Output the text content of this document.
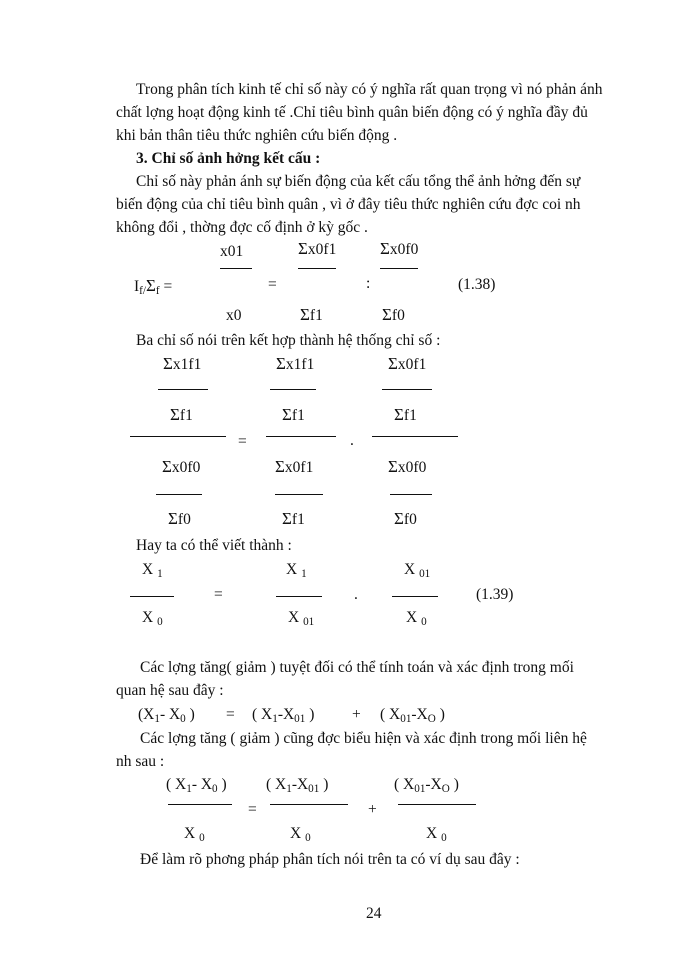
Trong phân tích kinh tế chỉ số này có ý nghĩa rất quan trọng vì nó phản ánh
chất lợng hoạt động kinh tế .Chỉ tiêu bình quân biến động có ý nghĩa đầy đủ
khi bản thân tiêu thức nghiên cứu biến động .
3. Chỉ số ảnh hởng kết cấu :
Chỉ số này phản ánh sự biến động của kết cấu tổng thể ảnh hởng đến sự
biến động của chỉ tiêu bình quân , vì ở đây tiêu thức nghiên cứu đợc coi nh
không đổi , thờng đợc cố định ở kỳ gốc .
x01
x0
Σx0f1
Σf1
Σx0f0
Σf0
$I_{f/}\Sigma_f$ =	=	:	(1.38)
Ba chỉ số nói trên kết hợp thành hệ thống chỉ số :
Σx1f1
Σf1
Σx1f1
Σf1
Σx0f1
Σf1
=	.
Σx0f0
Σf0
Σx0f1
Σf1
Σx0f0
Σf0
Hay ta có thể viết thành :
X $_1$
X $_0$
X $_1$
X $_{01}$
X $_{01}$
X $_0$
=	.	(1.39)
Các lợng tăng( giảm ) tuyệt đối có thể tính toán và xác định trong mối
quan hệ sau đây :
($X_1-$ $X_0$ ) = ( $X_1-X_{01}$ ) + ( $X_{01}-X_O$ )
Các lợng tăng ( giảm ) cũng đợc biểu hiện và xác định trong mối liên hệ
nh sau :
( $X_1-$ $X_0$ )
X $_0$
( $X_1-X_{01}$ )
X $_0$
( $X_{01}-X_O$ )
X $_0$
=	+
Để làm rõ phơng pháp phân tích nói trên ta có ví dụ sau đây :
24
